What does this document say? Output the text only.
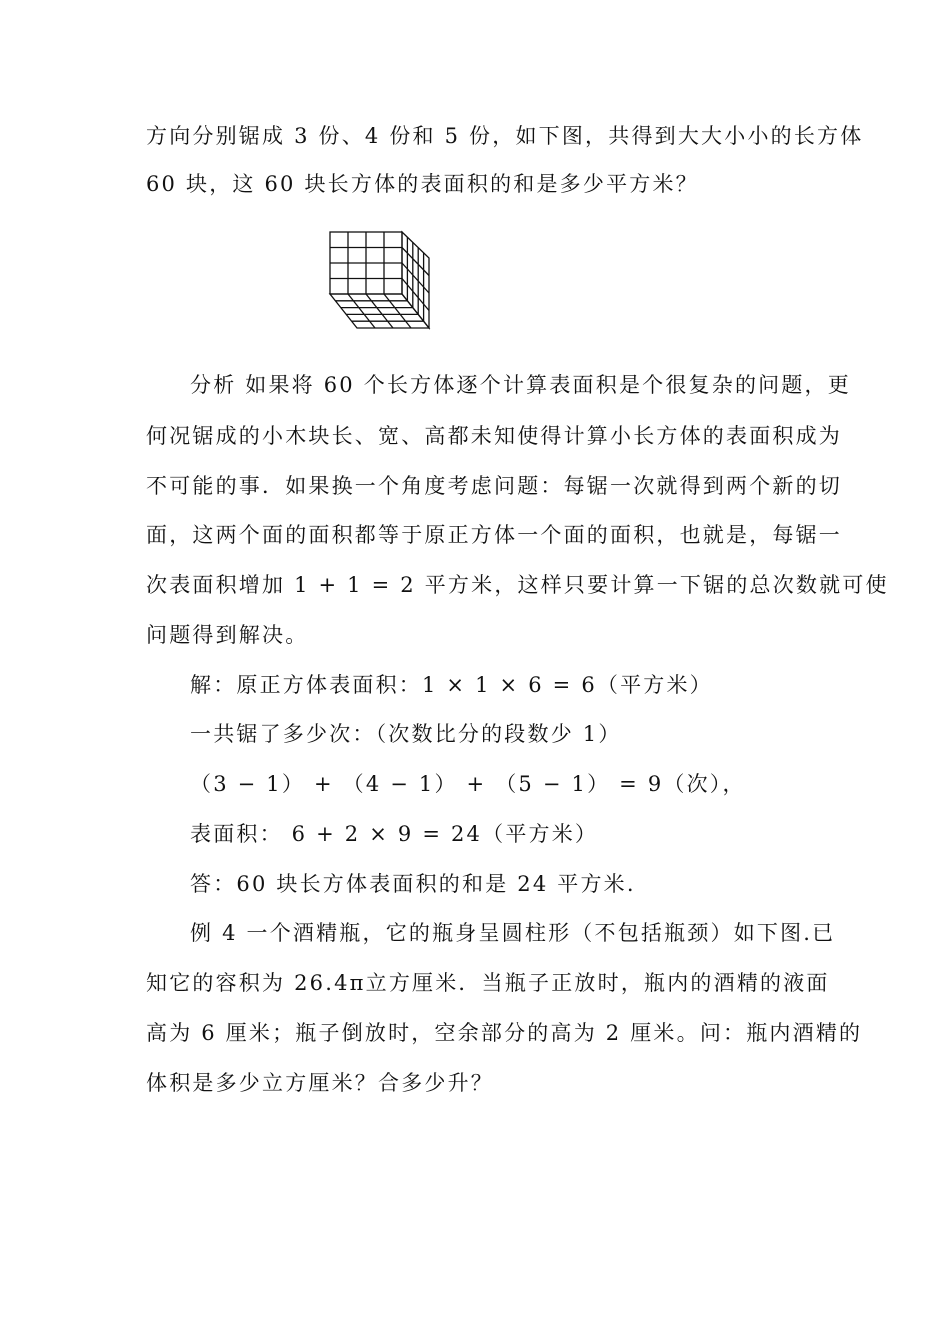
方向分别锯成 3 份、4 份和 5 份，如下图，共得到大大小小的长方体
60 块，这 60 块长方体的表面积的和是多少平方米？
分析 如果将 60 个长方体逐个计算表面积是个很复杂的问题，更
何况锯成的小木块长、宽、高都未知使得计算小长方体的表面积成为
不可能的事．如果换一个角度考虑问题：每锯一次就得到两个新的切
面，这两个面的面积都等于原正方体一个面的面积，也就是，每锯一
次表面积增加 1 + 1 = 2 平方米，这样只要计算一下锯的总次数就可使
问题得到解决。
解：原正方体表面积：1 × 1 × 6 = 6（平方米）
一共锯了多少次：（次数比分的段数少 1）
（3 − 1） + （4 − 1） + （5 − 1） = 9（次），
表面积： 6 + 2 × 9 = 24（平方米）
答：60 块长方体表面积的和是 24 平方米.
例 4 一个酒精瓶，它的瓶身呈圆柱形（不包括瓶颈）如下图.已
知它的容积为 26.4π立方厘米．当瓶子正放时，瓶内的酒精的液面
高为 6 厘米；瓶子倒放时，空余部分的高为 2 厘米。问：瓶内酒精的
体积是多少立方厘米？合多少升？
